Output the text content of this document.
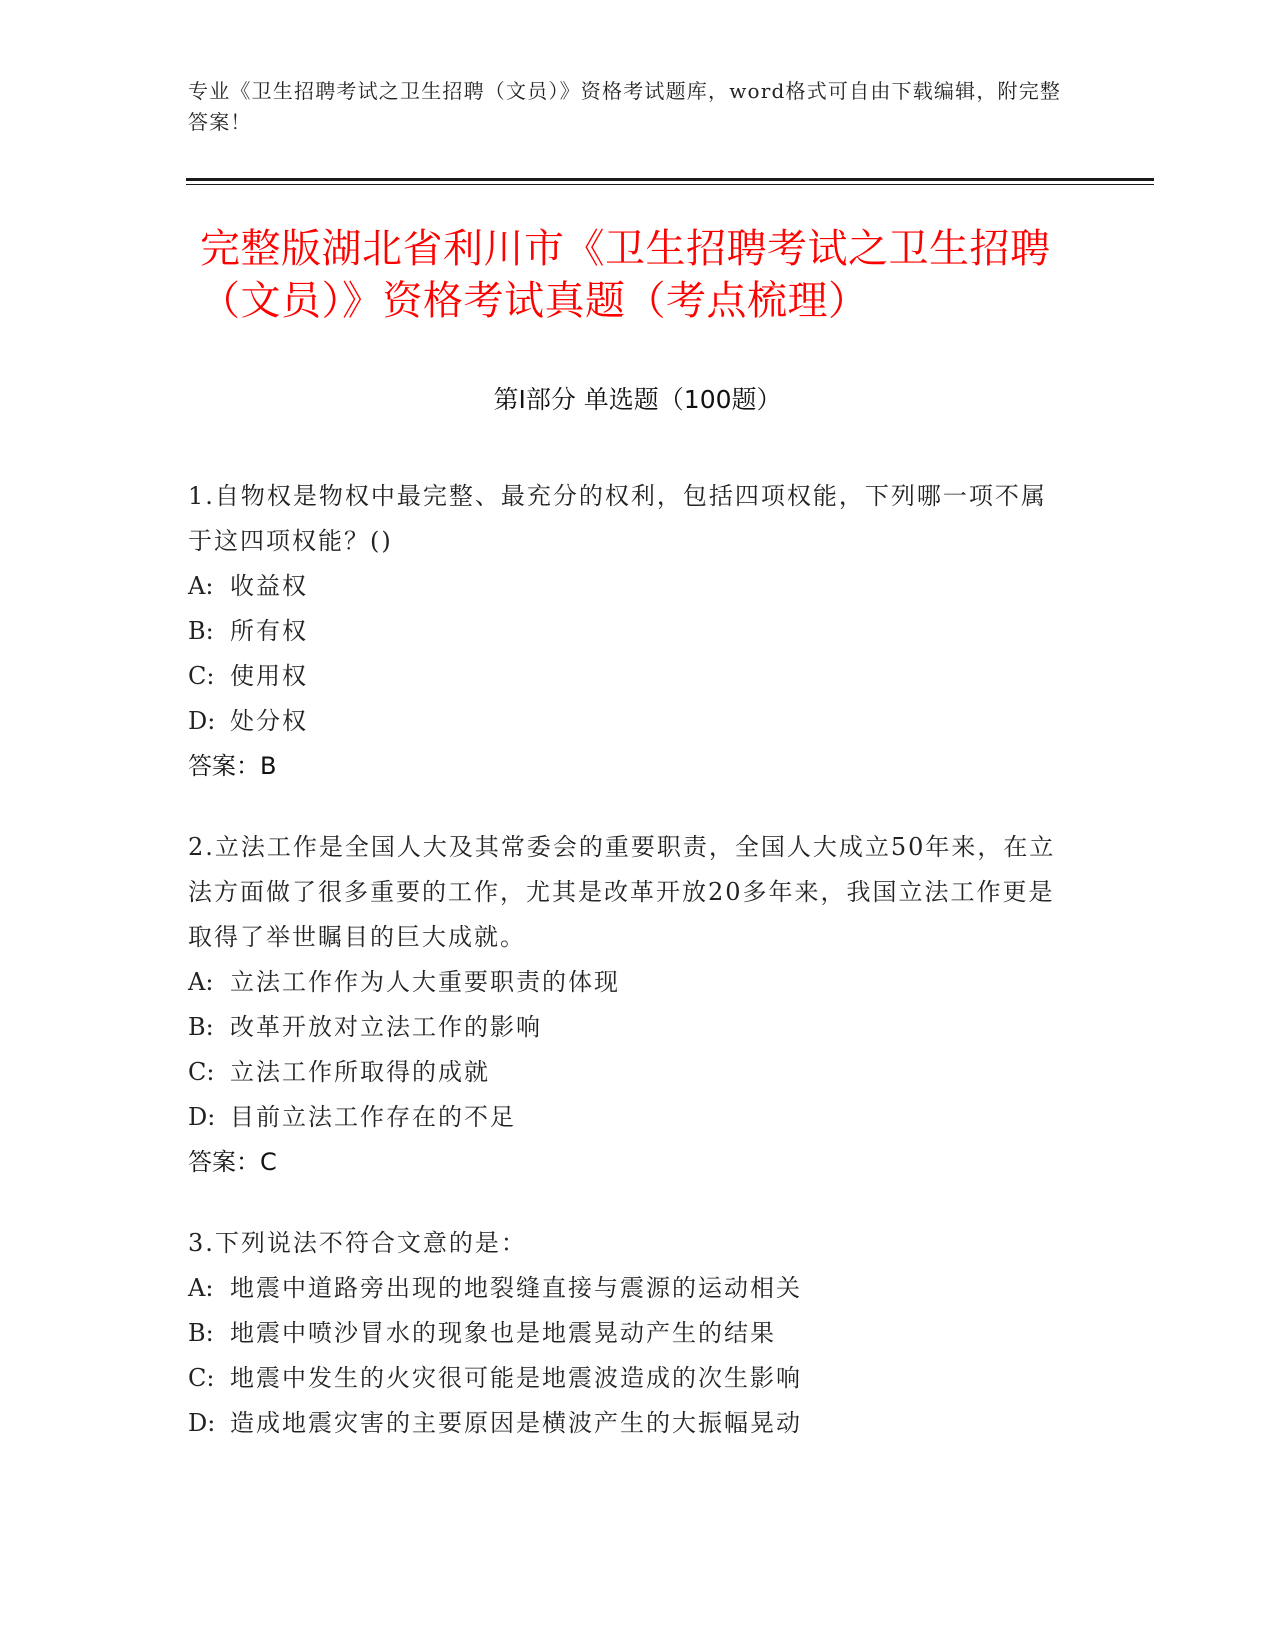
专业《卫生招聘考试之卫生招聘（文员）》资格考试题库，word格式可自由下载编辑，附完整答案！
完整版湖北省利川市《卫生招聘考试之卫生招聘（文员）》资格考试真题（考点梳理）
第Ⅰ部分 单选题（100题）
1.自物权是物权中最完整、最充分的权利，包括四项权能，下列哪一项不属于这四项权能？()
A: 收益权
B: 所有权
C: 使用权
D: 处分权
答案：B
2.立法工作是全国人大及其常委会的重要职责，全国人大成立50年来，在立法方面做了很多重要的工作，尤其是改革开放20多年来，我国立法工作更是取得了举世瞩目的巨大成就。
A: 立法工作作为人大重要职责的体现
B: 改革开放对立法工作的影响
C: 立法工作所取得的成就
D: 目前立法工作存在的不足
答案：C
3.下列说法不符合文意的是：
A: 地震中道路旁出现的地裂缝直接与震源的运动相关
B: 地震中喷沙冒水的现象也是地震晃动产生的结果
C: 地震中发生的火灾很可能是地震波造成的次生影响
D: 造成地震灾害的主要原因是横波产生的大振幅晃动
